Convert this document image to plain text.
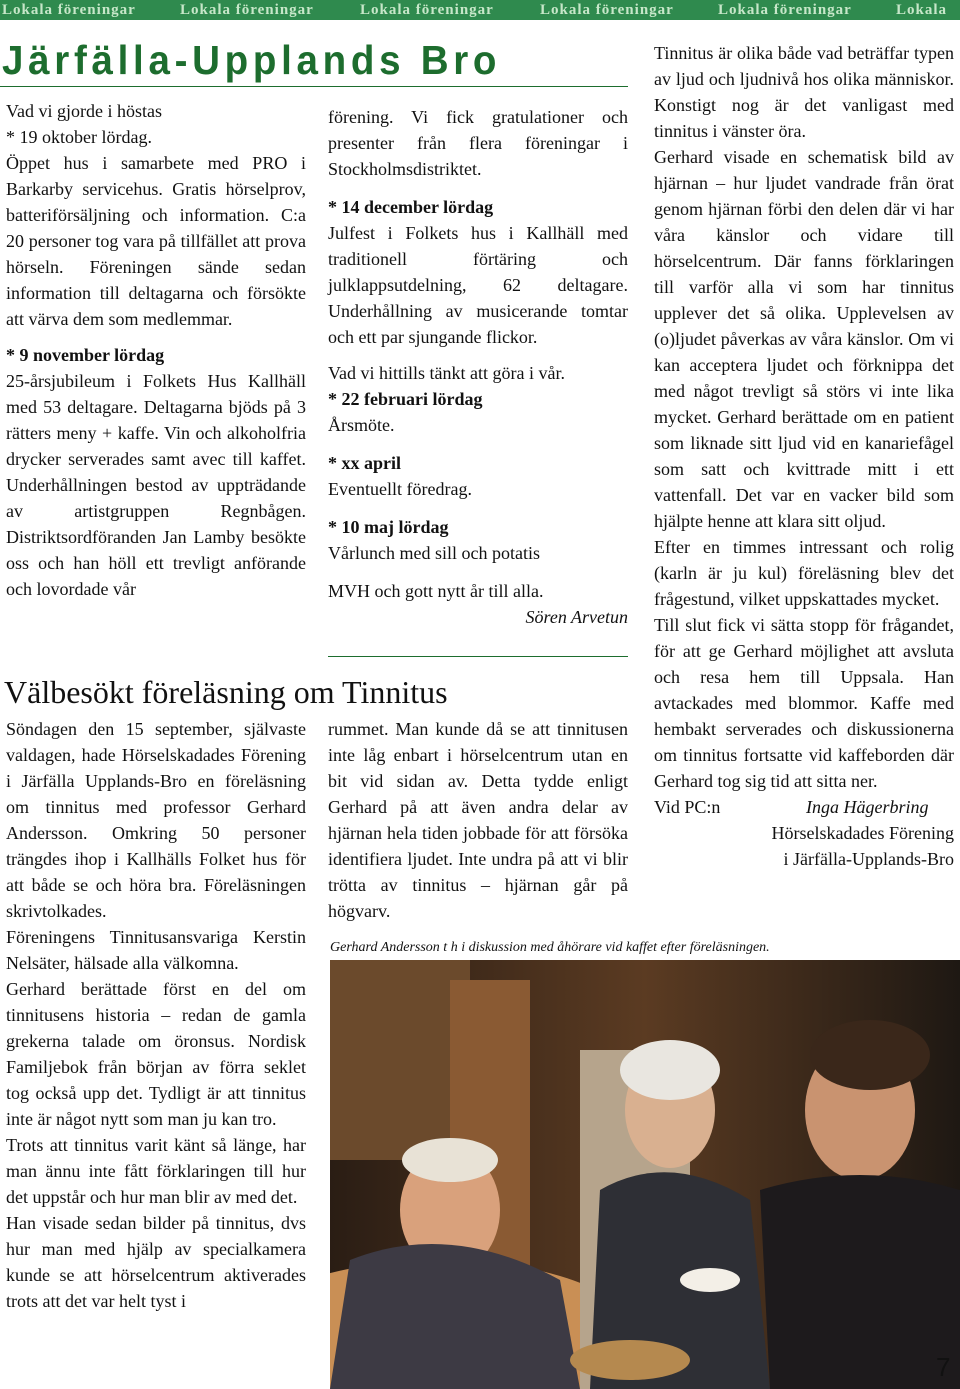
Lokala föreningar	Lokala föreningar	Lokala föreningar	Lokala föreningar	Lokala föreningar	Lokala
Järfälla-Upplands Bro

Vad vi gjorde i höstas

* 19 oktober lördag.

Öppet hus i samarbete med PRO i Barkarby servicehus. Gratis hörselprov, batteriförsäljning och information. C:a 20 personer tog vara på tillfället att prova hörseln. Föreningen sände sedan information till deltagarna och försökte att värva dem som medlemmar.

* 9 november lördag

25-årsjubileum i Folkets Hus Kallhäll med 53 deltagare. Deltagarna bjöds på 3 rätters meny + kaffe. Vin och alkoholfria drycker serverades samt avec till kaffet. Underhållningen bestod av uppträdande av artistgruppen Regnbågen. Distriktsordföranden Jan Lamby besökte oss och han höll ett trevligt anförande och lovordade vår

förening. Vi fick gratulationer och presenter från flera föreningar i Stockholmsdistriktet.

* 14 december lördag

Julfest i Folkets hus i Kallhäll med traditionell förtäring och julklappsutdelning, 62 deltagare. Underhållning av musicerande tomtar och ett par sjungande flickor.

Vad vi hittills tänkt att göra i vår.

* 22 februari lördag

Årsmöte.

* xx april

Eventuellt föredrag.

* 10 maj lördag

Vårlunch med sill och potatis

MVH och gott nytt år till alla.

Sören Arvetun

Tinnitus är olika både vad beträffar typen av ljud och ljudnivå hos olika människor. Konstigt nog är det vanligast med tinnitus i vänster öra.

Gerhard visade en schematisk bild av hjärnan – hur ljudet vandrade från örat genom hjärnan förbi den delen där vi har våra känslor och vidare till hörselcentrum. Där fanns förklaringen till varför alla vi som har tinnitus upplever det så olika. Upplevelsen av (o)ljudet påverkas av våra känslor. Om vi kan acceptera ljudet och förknippa det med något trevligt så störs vi inte lika mycket. Gerhard berättade om en patient som liknade sitt ljud vid en kanariefågel som satt och kvittrade mitt i ett vattenfall. Det var en vacker bild som hjälpte henne att klara sitt oljud.

Efter en timmes intressant och rolig (karln är ju kul) föreläsning blev det frågestund, vilket uppskattades mycket.

Till slut fick vi sätta stopp för frågandet, för att ge Gerhard möjlighet att avsluta och resa hem till Uppsala. Han avtackades med blommor. Kaffe med hembakt serverades och diskussionerna om tinnitus fortsatte vid kaffeborden där Gerhard tog sig tid att sitta ner.

Vid PC:n	Inga Hägerbring

Hörselskadades Förening

i Järfälla-Upplands-Bro

Välbesökt föreläsning om Tinnitus

Söndagen den 15 september, självaste valdagen, hade Hörselskadades Förening i Järfälla Upplands-Bro en föreläsning om tinnitus med professor Gerhard Andersson. Omkring 50 personer trängdes ihop i Kallhälls Folket hus för att både se och höra bra. Föreläsningen skrivtolkades.

Föreningens Tinnitusansvariga Kerstin Nelsäter, hälsade alla välkomna.

Gerhard berättade först en del om tinnitusens historia – redan de gamla grekerna talade om öronsus. Nordisk Familjebok från början av förra seklet tog också upp det. Tydligt är att tinnitus inte är något nytt som man ju kan tro.

Trots att tinnitus varit känt så länge, har man ännu inte fått förklaringen till hur det uppstår och hur man blir av med det.

Han visade sedan bilder på tinnitus, dvs hur man med hjälp av specialkamera kunde se att hörselcentrum aktiverades trots att det var helt tyst i

rummet. Man kunde då se att tinnitusen inte låg enbart i hörselcentrum utan en bit vid sidan av. Detta tydde enligt Gerhard på att även andra delar av hjärnan hela tiden jobbade för att försöka identifiera ljudet. Inte undra på att vi blir trötta av tinnitus – hjärnan går på högvarv.

Gerhard Andersson t h i diskussion med åhörare vid kaffet efter föreläsningen.
7
